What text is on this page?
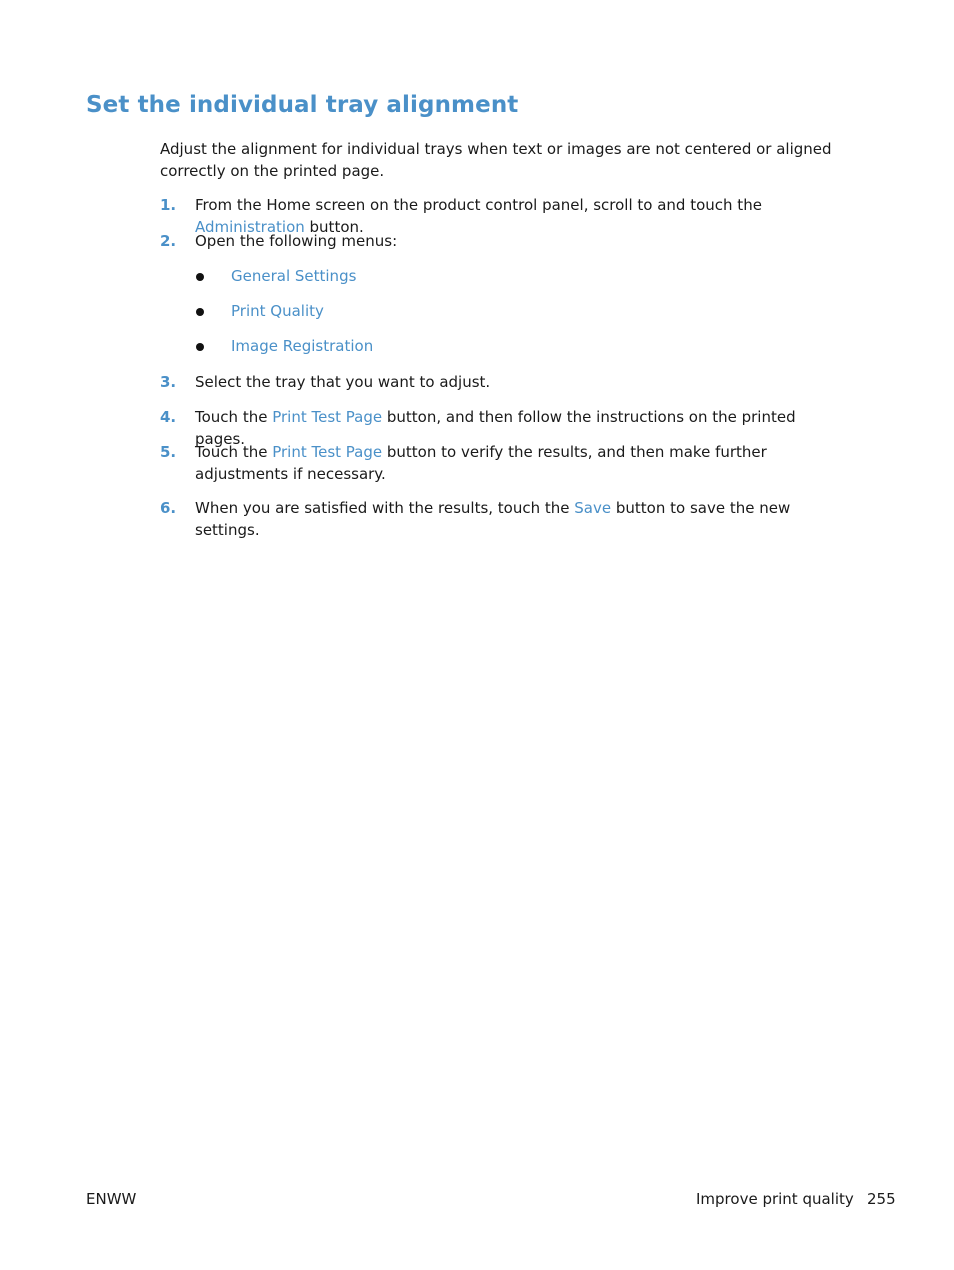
Set the individual tray alignment

Adjust the alignment for individual trays when text or images are not centered or aligned correctly on the printed page.

1.	From the Home screen on the product control panel, scroll to and touch the Administration button.
2.	Open the following menus:
General Settings
Print Quality
Image Registration
3.	Select the tray that you want to adjust.
4.	Touch the Print Test Page button, and then follow the instructions on the printed pages.
5.	Touch the Print Test Page button to verify the results, and then make further adjustments if necessary.
6.	When you are satisfied with the results, touch the Save button to save the new settings.
ENWW	Improve print quality 255
